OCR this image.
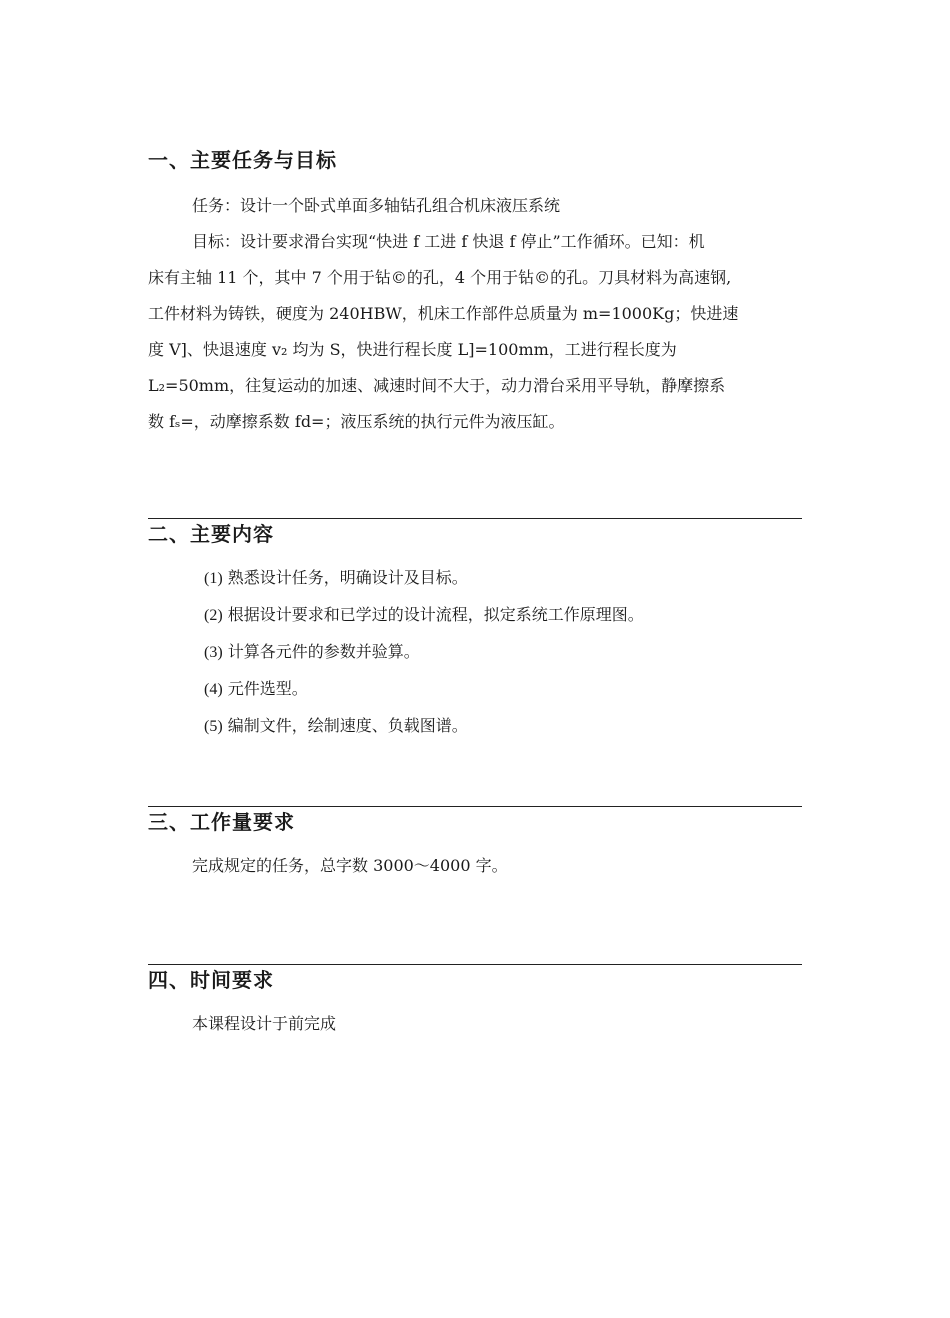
一、主要任务与目标

任务：设计一个卧式单面多轴钻孔组合机床液压系统

目标：设计要求滑台实现“快进 f 工进 f 快退 f 停止”工作循环。已知：机

床有主轴 11 个，其中 7 个用于钻©的孔，4 个用于钻©的孔。刀具材料为高速钢,

工件材料为铸铁，硬度为 240HBW，机床工作部件总质量为 m=1000Kg；快进速

度 V]、快退速度 v₂ 均为 S，快进行程长度 L]=100mm，工进行程长度为

L₂=50mm，往复运动的加速、减速时间不大于，动力滑台采用平导轨，静摩擦系

数 fₛ=，动摩擦系数 fd=；液压系统的执行元件为液压缸。

二、主要内容

(1) 熟悉设计任务，明确设计及目标。

(2) 根据设计要求和已学过的设计流程，拟定系统工作原理图。

(3) 计算各元件的参数并验算。

(4) 元件选型。

(5) 编制文件，绘制速度、负载图谱。

三、工作量要求

完成规定的任务，总字数 3000〜4000 字。

四、时间要求

本课程设计于前完成
